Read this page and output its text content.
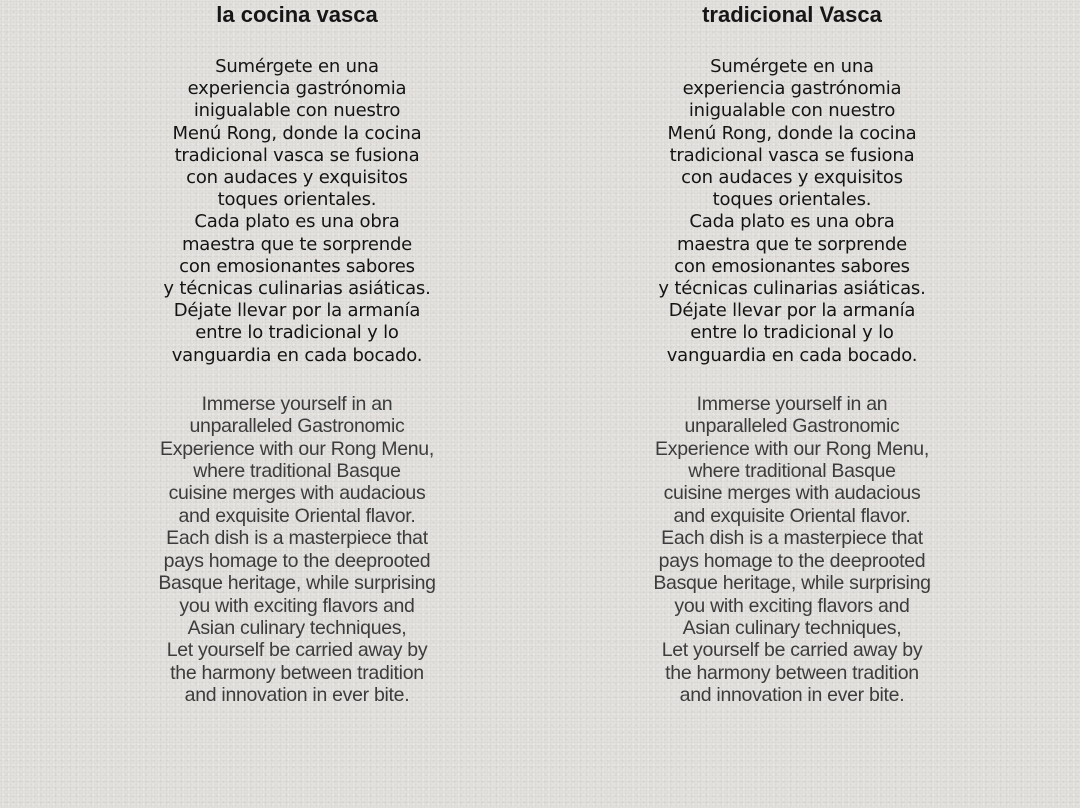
la cocina vasca
Sumérgete en una
experiencia gastrónomia
inigualable con nuestro
Menú Rong, donde la cocina
tradicional vasca se fusiona
con audaces y exquisitos
toques orientales.
Cada plato es una obra
maestra que te sorprende
con emosionantes sabores
y técnicas culinarias asiáticas.
Déjate llevar por la armanía
entre lo tradicional y lo
vanguardia en cada bocado.
Immerse yourself in an
unparalleled Gastronomic
Experience with our Rong Menu,
where traditional Basque
cuisine merges with audacious
and exquisite Oriental flavor.
Each dish is a masterpiece that
pays homage to the deeprooted
Basque heritage, while surprising
you with exciting flavors and
Asian culinary techniques,
Let yourself be carried away by
the harmony between tradition
and innovation in ever bite.
tradicional Vasca
Sumérgete en una
experiencia gastrónomia
inigualable con nuestro
Menú Rong, donde la cocina
tradicional vasca se fusiona
con audaces y exquisitos
toques orientales.
Cada plato es una obra
maestra que te sorprende
con emosionantes sabores
y técnicas culinarias asiáticas.
Déjate llevar por la armanía
entre lo tradicional y lo
vanguardia en cada bocado.
Immerse yourself in an
unparalleled Gastronomic
Experience with our Rong Menu,
where traditional Basque
cuisine merges with audacious
and exquisite Oriental flavor.
Each dish is a masterpiece that
pays homage to the deeprooted
Basque heritage, while surprising
you with exciting flavors and
Asian culinary techniques,
Let yourself be carried away by
the harmony between tradition
and innovation in ever bite.
